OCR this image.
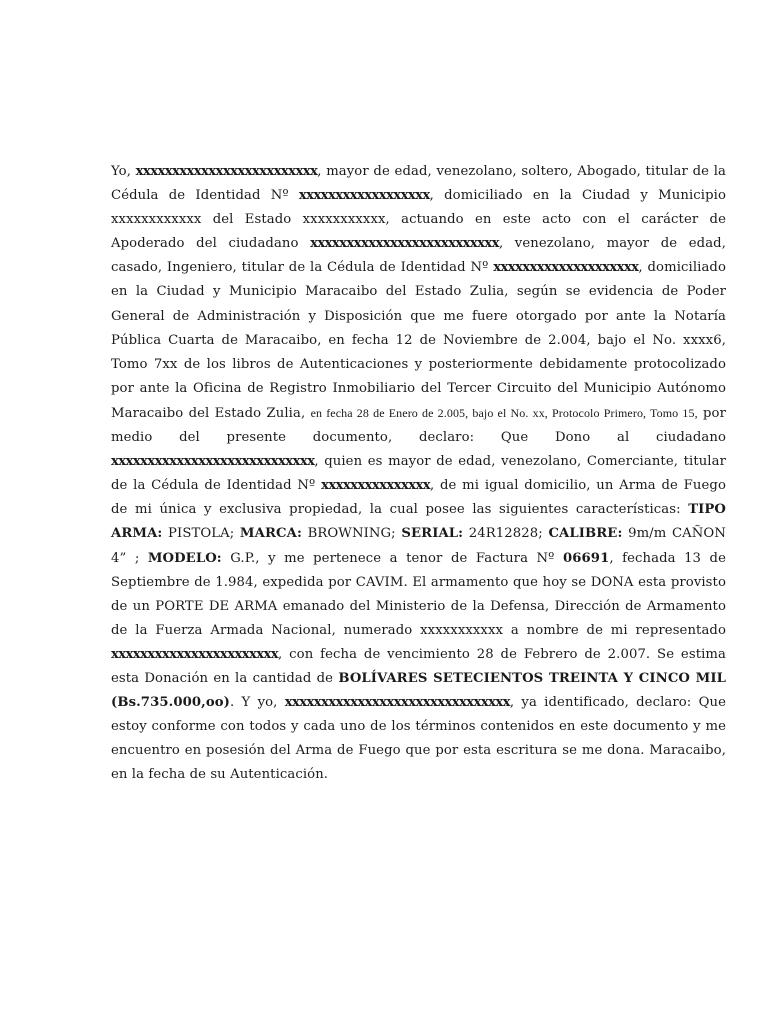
Yo, xxxxxxxxxxxxxxxxxxxxxxxxx, mayor de edad, venezolano, soltero, Abogado, titular de la Cédula de Identidad Nº xxxxxxxxxxxxxxxxxx, domiciliado en la Ciudad y Municipio xxxxxxxxxxxx del Estado xxxxxxxxxxx, actuando en este acto con el carácter de Apoderado del ciudadano xxxxxxxxxxxxxxxxxxxxxxxxxx, venezolano, mayor de edad, casado, Ingeniero, titular de la Cédula de Identidad Nº xxxxxxxxxxxxxxxxxxxx, domiciliado en la Ciudad y Municipio Maracaibo del Estado Zulia, según se evidencia de Poder General de Administración y Disposición que me fuere otorgado por ante la Notaría Pública Cuarta de Maracaibo, en fecha 12 de Noviembre de 2.004, bajo el No. xxxx6, Tomo 7xx de los libros de Autenticaciones y posteriormente debidamente protocolizado por ante la Oficina de Registro Inmobiliario del Tercer Circuito del Municipio Autónomo Maracaibo del Estado Zulia, en fecha 28 de Enero de 2.005, bajo el No. xx, Protocolo Primero, Tomo 15, por medio del presente documento, declaro: Que Dono al ciudadano xxxxxxxxxxxxxxxxxxxxxxxxxxxx, quien es mayor de edad, venezolano, Comerciante, titular de la Cédula de Identidad Nº xxxxxxxxxxxxxxx, de mi igual domicilio, un Arma de Fuego de mi única y exclusiva propiedad, la cual posee las siguientes características: TIPO ARMA: PISTOLA; MARCA: BROWNING; SERIAL: 24R12828; CALIBRE: 9m/m CAÑON 4” ; MODELO: G.P., y me pertenece a tenor de Factura Nº 06691, fechada 13 de Septiembre de 1.984, expedida por CAVIM. El armamento que hoy se DONA esta provisto de un PORTE DE ARMA emanado del Ministerio de la Defensa, Dirección de Armamento de la Fuerza Armada Nacional, numerado xxxxxxxxxxx a nombre de mi representado xxxxxxxxxxxxxxxxxxxxxxx, con fecha de vencimiento 28 de Febrero de 2.007. Se estima esta Donación en la cantidad de BOLÍVARES SETECIENTOS TREINTA Y CINCO MIL (Bs.735.000,oo). Y yo, xxxxxxxxxxxxxxxxxxxxxxxxxxxxxxx, ya identificado, declaro: Que estoy conforme con todos y cada uno de los términos contenidos en este documento y me encuentro en posesión del Arma de Fuego que por esta escritura se me dona. Maracaibo, en la fecha de su Autenticación.
